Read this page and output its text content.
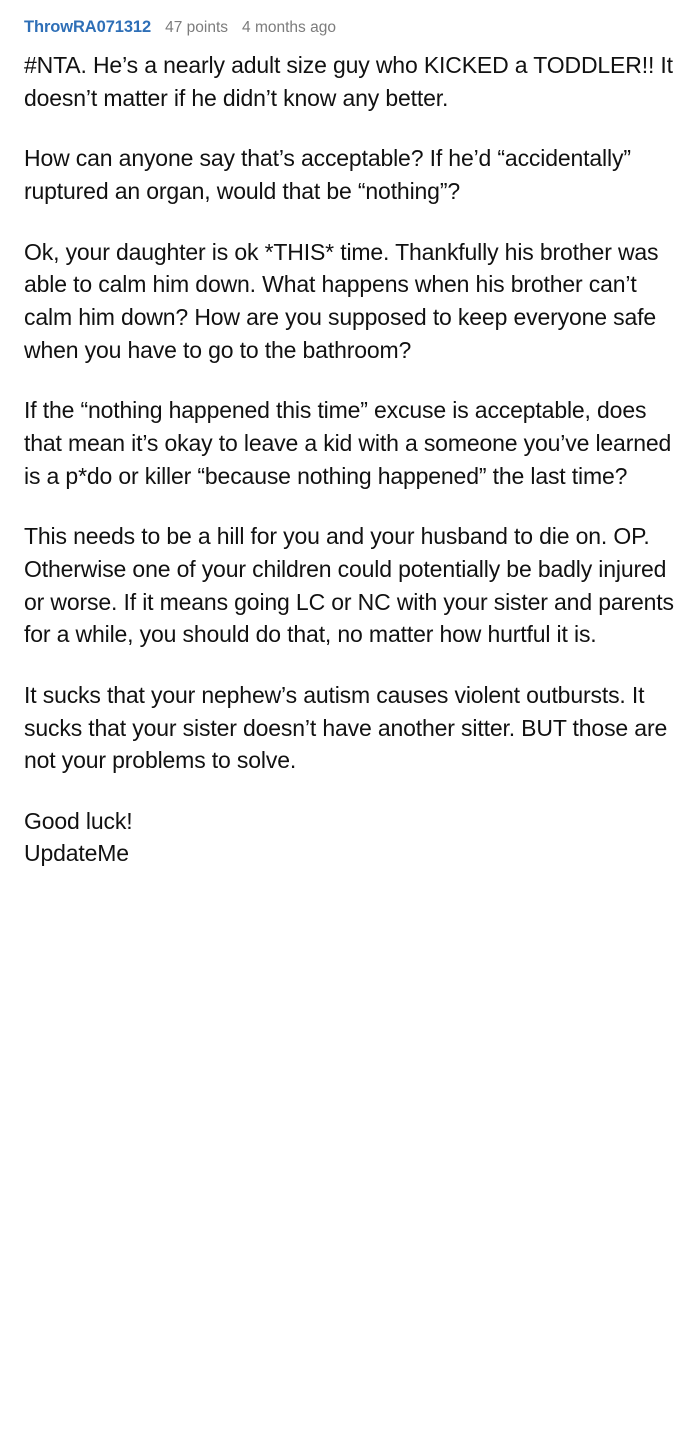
ThrowRA071312 47 points 4 months ago

#NTA. He’s a nearly adult size guy who KICKED a TODDLER!! It doesn’t matter if he didn’t know any better.

How can anyone say that’s acceptable? If he’d “accidentally” ruptured an organ, would that be “nothing”?

Ok, your daughter is ok *THIS* time. Thankfully his brother was able to calm him down. What happens when his brother can’t calm him down? How are you supposed to keep everyone safe when you have to go to the bathroom?

If the “nothing happened this time” excuse is acceptable, does that mean it’s okay to leave a kid with a someone you’ve learned is a p*do or killer “because nothing happened” the last time?

This needs to be a hill for you and your husband to die on. OP. Otherwise one of your children could potentially be badly injured or worse. If it means going LC or NC with your sister and parents for a while, you should do that, no matter how hurtful it is.

It sucks that your nephew’s autism causes violent outbursts. It sucks that your sister doesn’t have another sitter. BUT those are not your problems to solve.

Good luck!

UpdateMe
